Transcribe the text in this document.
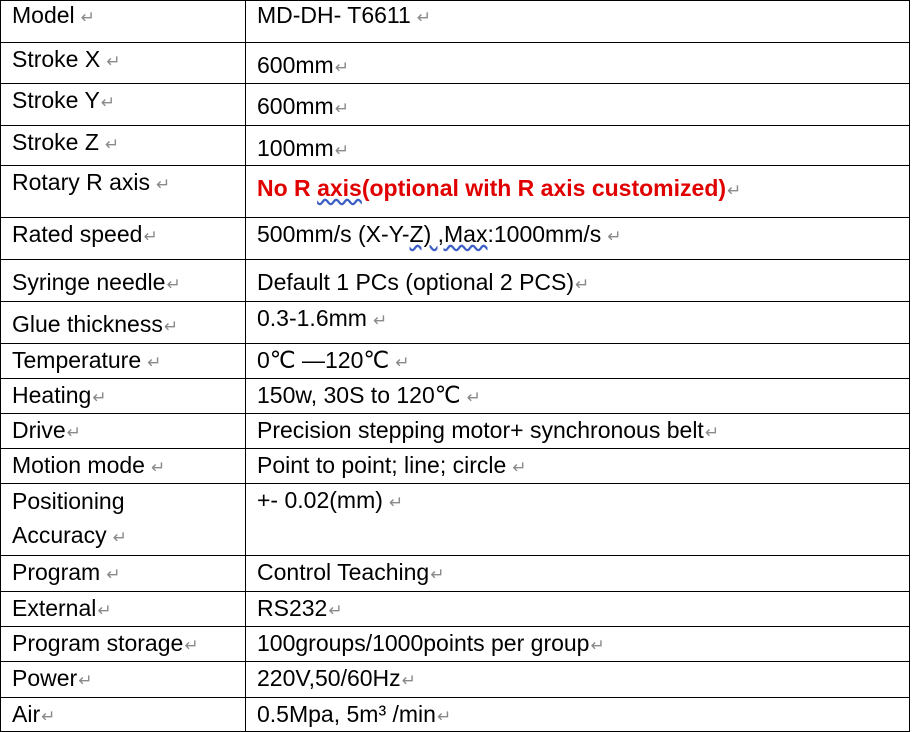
Model ↵	MD-DH- T6611 ↵
Stroke X ↵	600mm↵
Stroke Y↵	600mm↵
Stroke Z ↵	100mm↵
Rotary R axis ↵	No R axis(optional with R axis customized)↵
Rated speed↵	500mm/s (X-Y-Z) ,Max:1000mm/s ↵
Syringe needle↵	Default 1 PCs (optional 2 PCS)↵
Glue thickness↵	0.3-1.6mm ↵
Temperature ↵	0℃ —120℃ ↵
Heating↵	150w, 30S to 120℃ ↵
Drive↵	Precision stepping motor+ synchronous belt↵
Motion mode ↵	Point to point; line; circle ↵
Positioning
Accuracy ↵	+- 0.02(mm) ↵
Program ↵	Control Teaching↵
External↵	RS232↵
Program storage↵	100groups/1000points per group↵
Power↵	220V,50/60Hz↵
Air↵	0.5Mpa, 5m³ /min↵
